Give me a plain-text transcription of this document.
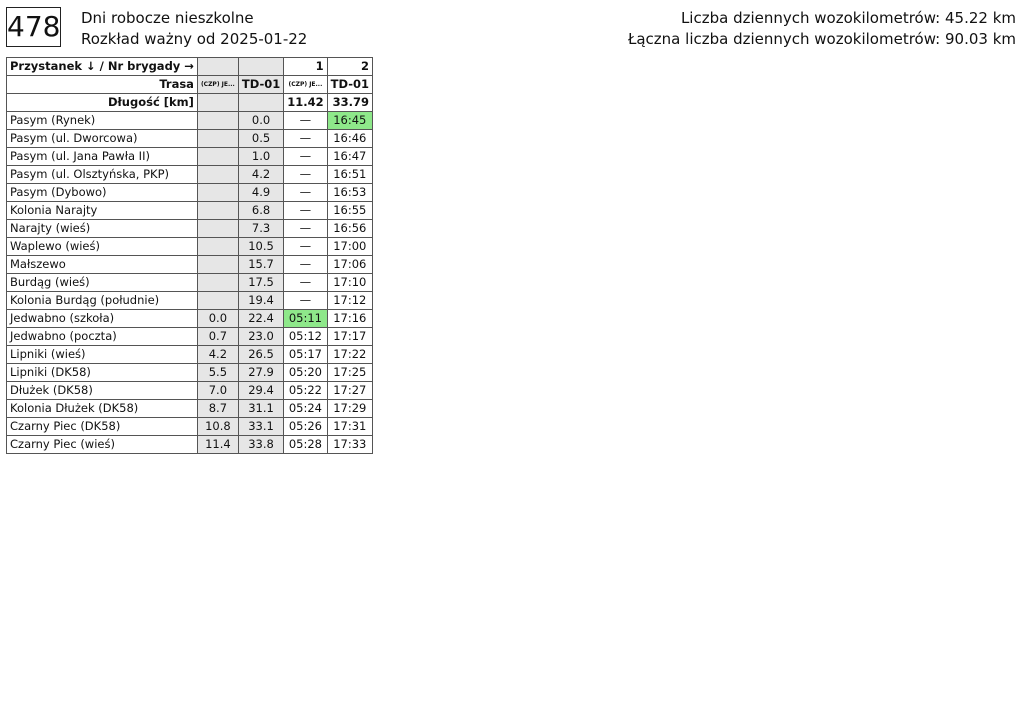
478 Dni robocze nieszkolne
Rozkład ważny od 2025-01-22
Liczba dziennych wozokilometrów: 45.22 km
Łączna liczba dziennych wozokilometrów: 90.03 km
Przystanek ↓ / Nr brygady →			1	2
Trasa	(CZP) JE...	TD-01	(CZP) JE...	TD-01
Długość [km]			11.42	33.79
Pasym (Rynek)		0.0	—	16:45
Pasym (ul. Dworcowa)		0.5	—	16:46
Pasym (ul. Jana Pawła II)		1.0	—	16:47
Pasym (ul. Olsztyńska, PKP)		4.2	—	16:51
Pasym (Dybowo)		4.9	—	16:53
Kolonia Narajty		6.8	—	16:55
Narajty (wieś)		7.3	—	16:56
Waplewo (wieś)		10.5	—	17:00
Małszewo		15.7	—	17:06
Burdąg (wieś)		17.5	—	17:10
Kolonia Burdąg (południe)		19.4	—	17:12
Jedwabno (szkoła)	0.0	22.4	05:11	17:16
Jedwabno (poczta)	0.7	23.0	05:12	17:17
Lipniki (wieś)	4.2	26.5	05:17	17:22
Lipniki (DK58)	5.5	27.9	05:20	17:25
Dłużek (DK58)	7.0	29.4	05:22	17:27
Kolonia Dłużek (DK58)	8.7	31.1	05:24	17:29
Czarny Piec (DK58)	10.8	33.1	05:26	17:31
Czarny Piec (wieś)	11.4	33.8	05:28	17:33
